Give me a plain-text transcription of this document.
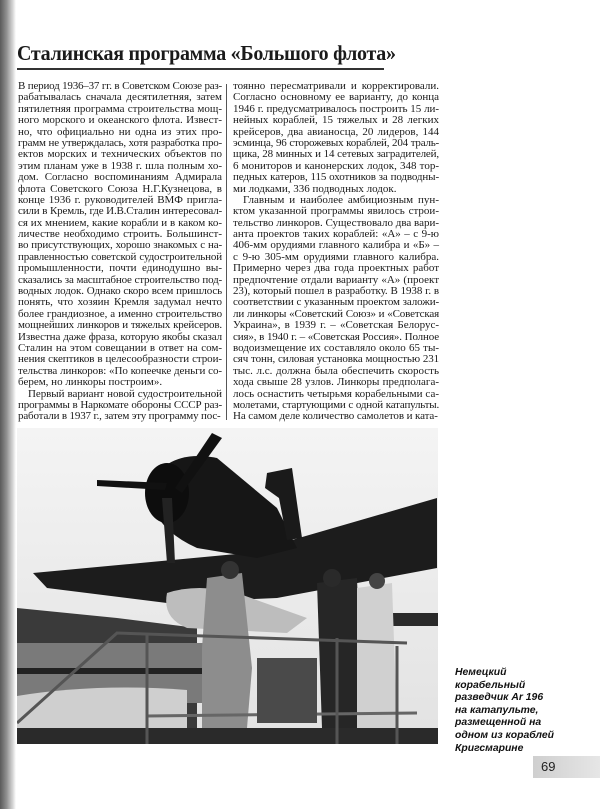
Сталинская программа «Большого флота»
В период 1936–37 гг. в Советском Союзе раз-
рабатывалась сначала десятилетняя, затем
пятилетняя программа строительства мощ-
ного морского и океанского флота. Извест-
но, что официально ни одна из этих про-
грамм не утверждалась, хотя разработка про-
ектов морских и технических объектов по
этим планам уже в 1938 г. шла полным хо-
дом. Согласно воспоминаниям Адмирала
флота Советского Союза Н.Г.Кузнецова, в
конце 1936 г. руководителей ВМФ пригла-
сили в Кремль, где И.В.Сталин интересовал-
ся их мнением, какие корабли и в каком ко-
личестве необходимо строить. Большинст-
во присутствующих, хорошо знакомых с на-
правленностью советской судостроительной
промышленности, почти единодушно вы-
сказались за масштабное строительство под-
водных лодок. Однако скоро всем пришлось
понять, что хозяин Кремля задумал нечто
более грандиозное, а именно строительство
мощнейших линкоров и тяжелых крейсеров.
Известна даже фраза, которую якобы сказал
Сталин на этом совещании в ответ на сом-
нения скептиков в целесообразности строи-
тельства линкоров: «По копеечке деньги со-
берем, но линкоры построим».
Первый вариант новой судостроительной
программы в Наркомате обороны СССР раз-
работали в 1937 г., затем эту программу пос-
тоянно пересматривали и корректировали.
Согласно основному ее варианту, до конца
1946 г. предусматривалось построить 15 ли-
нейных кораблей, 15 тяжелых и 28 легких
крейсеров, два авианосца, 20 лидеров, 144
эсминца, 96 сторожевых кораблей, 204 траль-
щика, 28 минных и 14 сетевых заградителей,
6 мониторов и канонерских лодок, 348 тор-
педных катеров, 115 охотников за подводны-
ми лодками, 336 подводных лодок.
Главным и наиболее амбициозным пун-
ктом указанной программы явилось строи-
тельство линкоров. Существовало два вари-
анта проектов таких кораблей: «А» – с 9-ю
406-мм орудиями главного калибра и «Б» –
с 9-ю 305-мм орудиями главного калибра.
Примерно через два года проектных работ
предпочтение отдали варианту «А» (проект
23), который пошел в разработку. В 1938 г. в
соответствии с указанным проектом заложи-
ли линкоры «Советский Союз» и «Советская
Украина», в 1939 г. – «Советская Белорус-
сия», в 1940 г. – «Советская Россия». Полное
водоизмещение их составляло около 65 ты-
сяч тонн, силовая установка мощностью 231
тыс. л.с. должна была обеспечить скорость
хода свыше 28 узлов. Линкоры предполага-
лось оснастить четырьмя корабельными са-
молетами, стартующими с одной катапульты.
На самом деле количество самолетов и ката-
Немецкий
корабельный
разведчик Ar 196
на катапульте,
размещенной на
одном из кораблей
Кригсмарине
69
